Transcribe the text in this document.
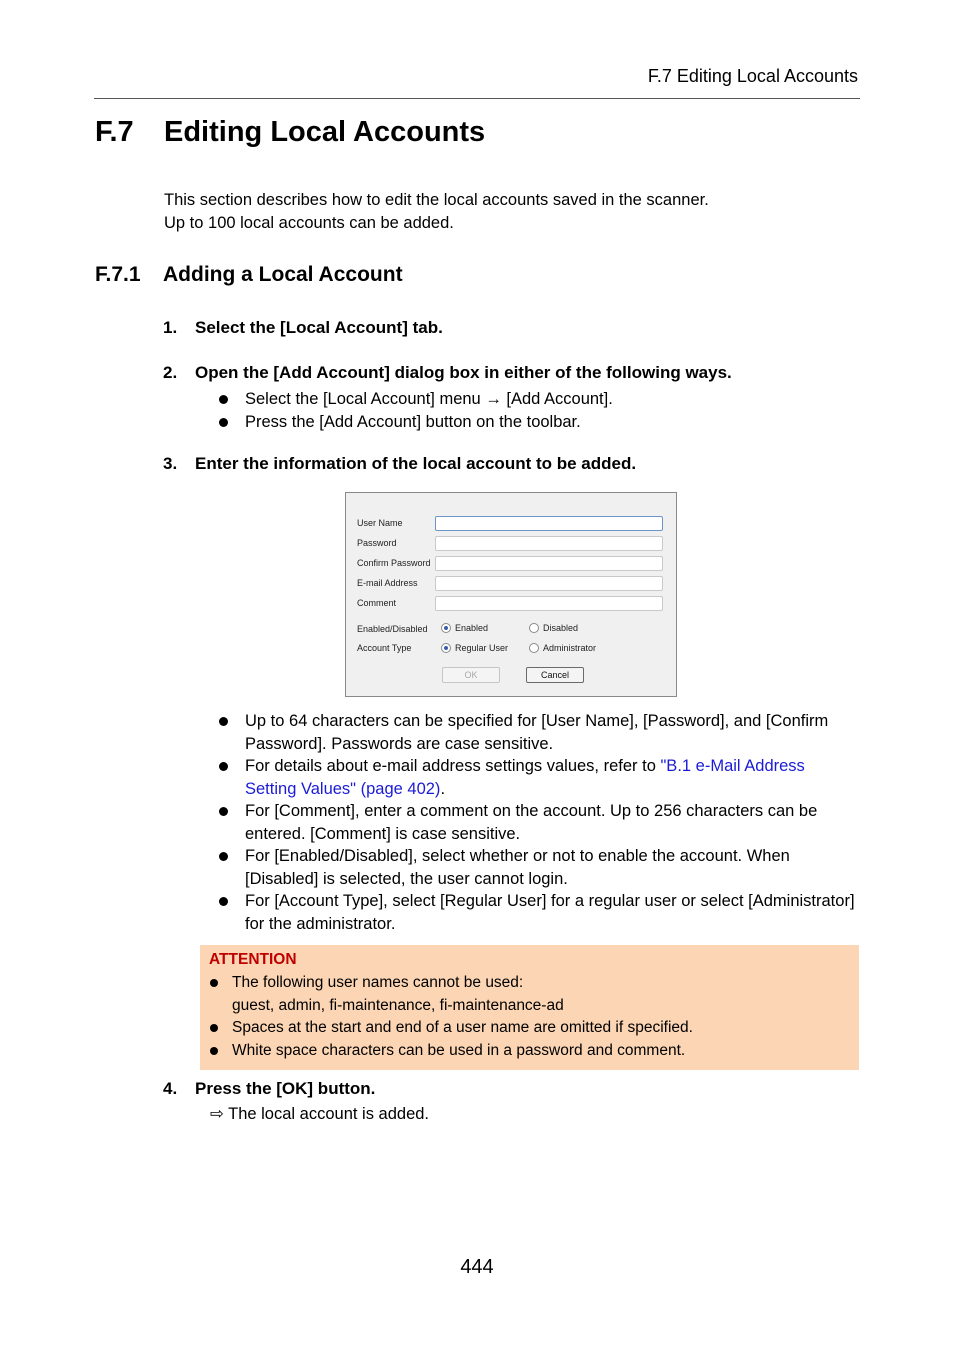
F.7 Editing Local Accounts
F.7 Editing Local Accounts
This section describes how to edit the local accounts saved in the scanner.
Up to 100 local accounts can be added.
F.7.1 Adding a Local Account
1. Select the [Local Account] tab.
2. Open the [Add Account] dialog box in either of the following ways.
Select the [Local Account] menu → [Add Account].
Press the [Add Account] button on the toolbar.
3. Enter the information of the local account to be added.
User Name
Password
Confirm Password
E-mail Address
Comment
Enabled/Disabled	Enabled	Disabled
Account Type	Regular User	Administrator
OK	Cancel
Up to 64 characters can be specified for [User Name], [Password], and [Confirm Password]. Passwords are case sensitive.
For details about e-mail address settings values, refer to "B.1 e-Mail Address Setting Values" (page 402).
For [Comment], enter a comment on the account. Up to 256 characters can be entered. [Comment] is case sensitive.
For [Enabled/Disabled], select whether or not to enable the account. When [Disabled] is selected, the user cannot login.
For [Account Type], select [Regular User] for a regular user or select [Administrator] for the administrator.
ATTENTION
The following user names cannot be used:
guest, admin, fi-maintenance, fi-maintenance-ad
Spaces at the start and end of a user name are omitted if specified.
White space characters can be used in a password and comment.
4. Press the [OK] button.
⇨ The local account is added.
444
